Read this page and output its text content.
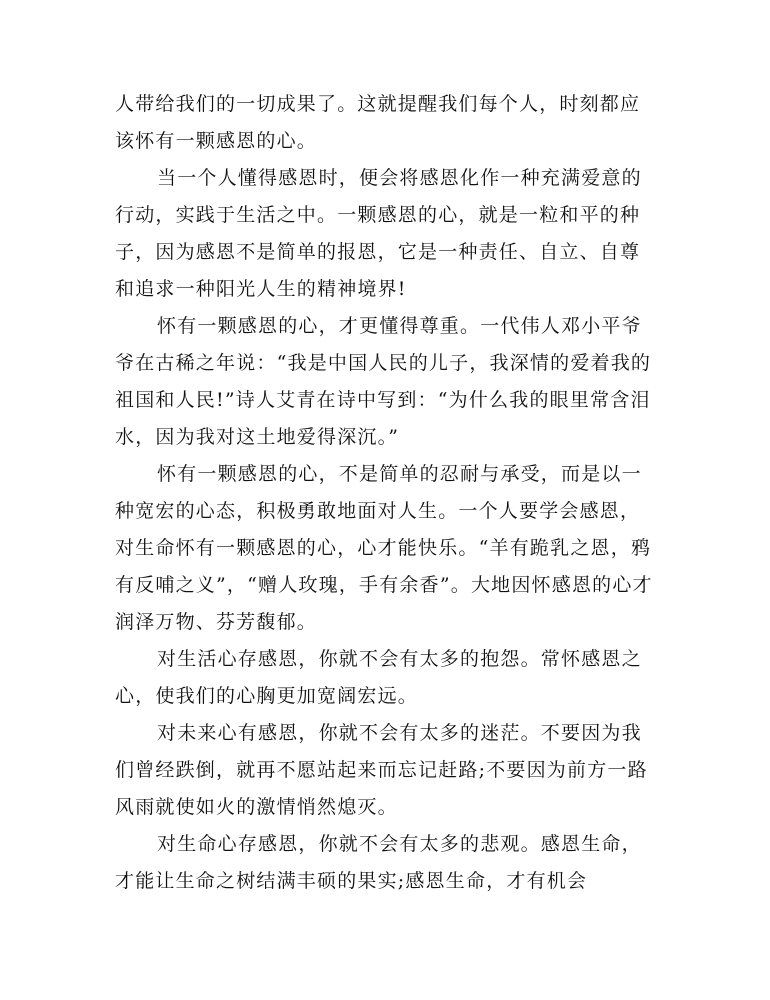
人带给我们的一切成果了。这就提醒我们每个人，时刻都应该怀有一颗感恩的心。

当一个人懂得感恩时，便会将感恩化作一种充满爱意的行动，实践于生活之中。一颗感恩的心，就是一粒和平的种子，因为感恩不是简单的报恩，它是一种责任、自立、自尊和追求一种阳光人生的精神境界!

怀有一颗感恩的心，才更懂得尊重。一代伟人邓小平爷爷在古稀之年说：“我是中国人民的儿子，我深情的爱着我的祖国和人民!”诗人艾青在诗中写到：“为什么我的眼里常含泪水，因为我对这土地爱得深沉。”

怀有一颗感恩的心，不是简单的忍耐与承受，而是以一种宽宏的心态，积极勇敢地面对人生。一个人要学会感恩，对生命怀有一颗感恩的心，心才能快乐。“羊有跪乳之恩，鸦有反哺之义”，“赠人玫瑰，手有余香”。大地因怀感恩的心才润泽万物、芬芳馥郁。

对生活心存感恩，你就不会有太多的抱怨。常怀感恩之心，使我们的心胸更加宽阔宏远。

对未来心有感恩，你就不会有太多的迷茫。不要因为我们曾经跌倒，就再不愿站起来而忘记赶路;不要因为前方一路风雨就使如火的激情悄然熄灭。

对生命心存感恩，你就不会有太多的悲观。感恩生命，才能让生命之树结满丰硕的果实;感恩生命，才有机会
